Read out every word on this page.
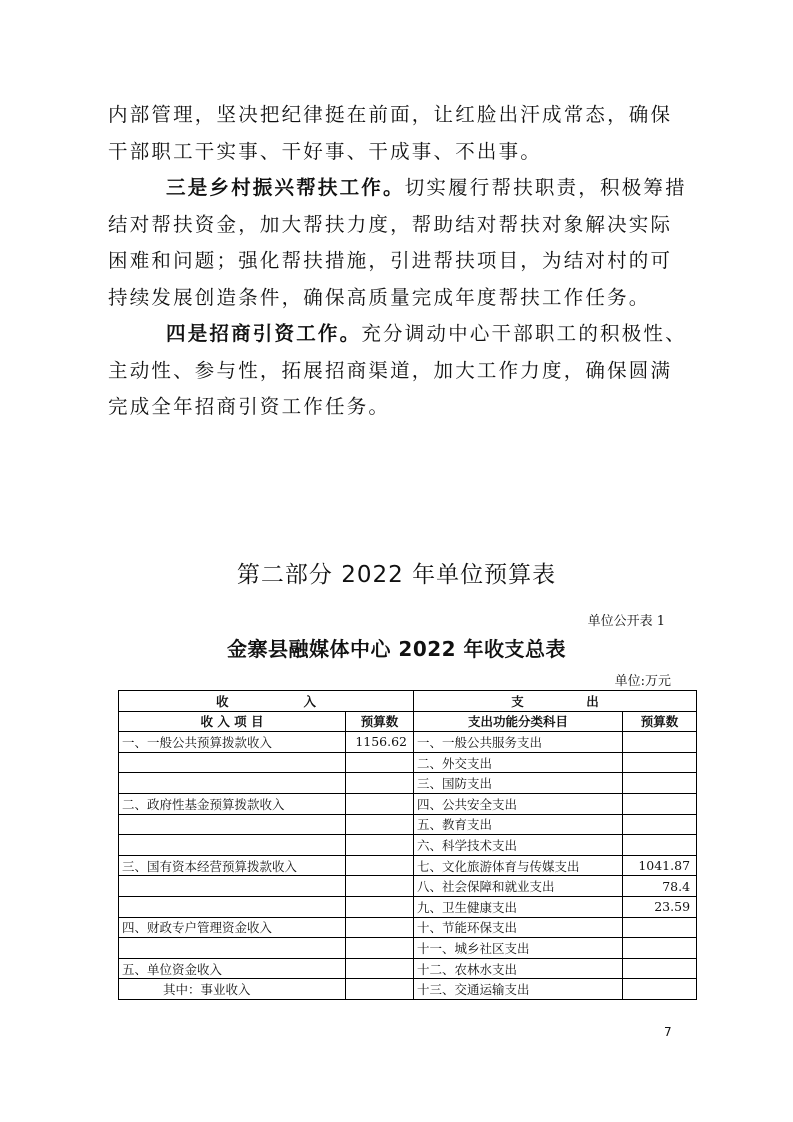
内部管理，坚决把纪律挺在前面，让红脸出汗成常态，确保干部职工干实事、干好事、干成事、不出事。

三是乡村振兴帮扶工作。切实履行帮扶职责，积极筹措结对帮扶资金，加大帮扶力度，帮助结对帮扶对象解决实际困难和问题；强化帮扶措施，引进帮扶项目，为结对村的可持续发展创造条件，确保高质量完成年度帮扶工作任务。

四是招商引资工作。充分调动中心干部职工的积极性、主动性、参与性，拓展招商渠道，加大工作力度，确保圆满完成全年招商引资工作任务。

第二部分 2022 年单位预算表
单位公开表 1
金寨县融媒体中心 2022 年收支总表
单位:万元
收　　　　　　入		支　　　　　出	
收 入 项 目	预算数	支出功能分类科目	预算数
一、一般公共预算拨款收入	1156.62	一、一般公共服务支出	
		二、外交支出	
		三、国防支出	
二、政府性基金预算拨款收入		四、公共安全支出	
		五、教育支出	
		六、科学技术支出	
三、国有资本经营预算拨款收入		七、文化旅游体育与传媒支出	1041.87
		八、社会保障和就业支出	78.4
		九、卫生健康支出	23.59
四、财政专户管理资金收入		十、节能环保支出	
		十一、城乡社区支出	
五、单位资金收入		十二、农林水支出	
其中：事业收入		十三、交通运输支出	
7
